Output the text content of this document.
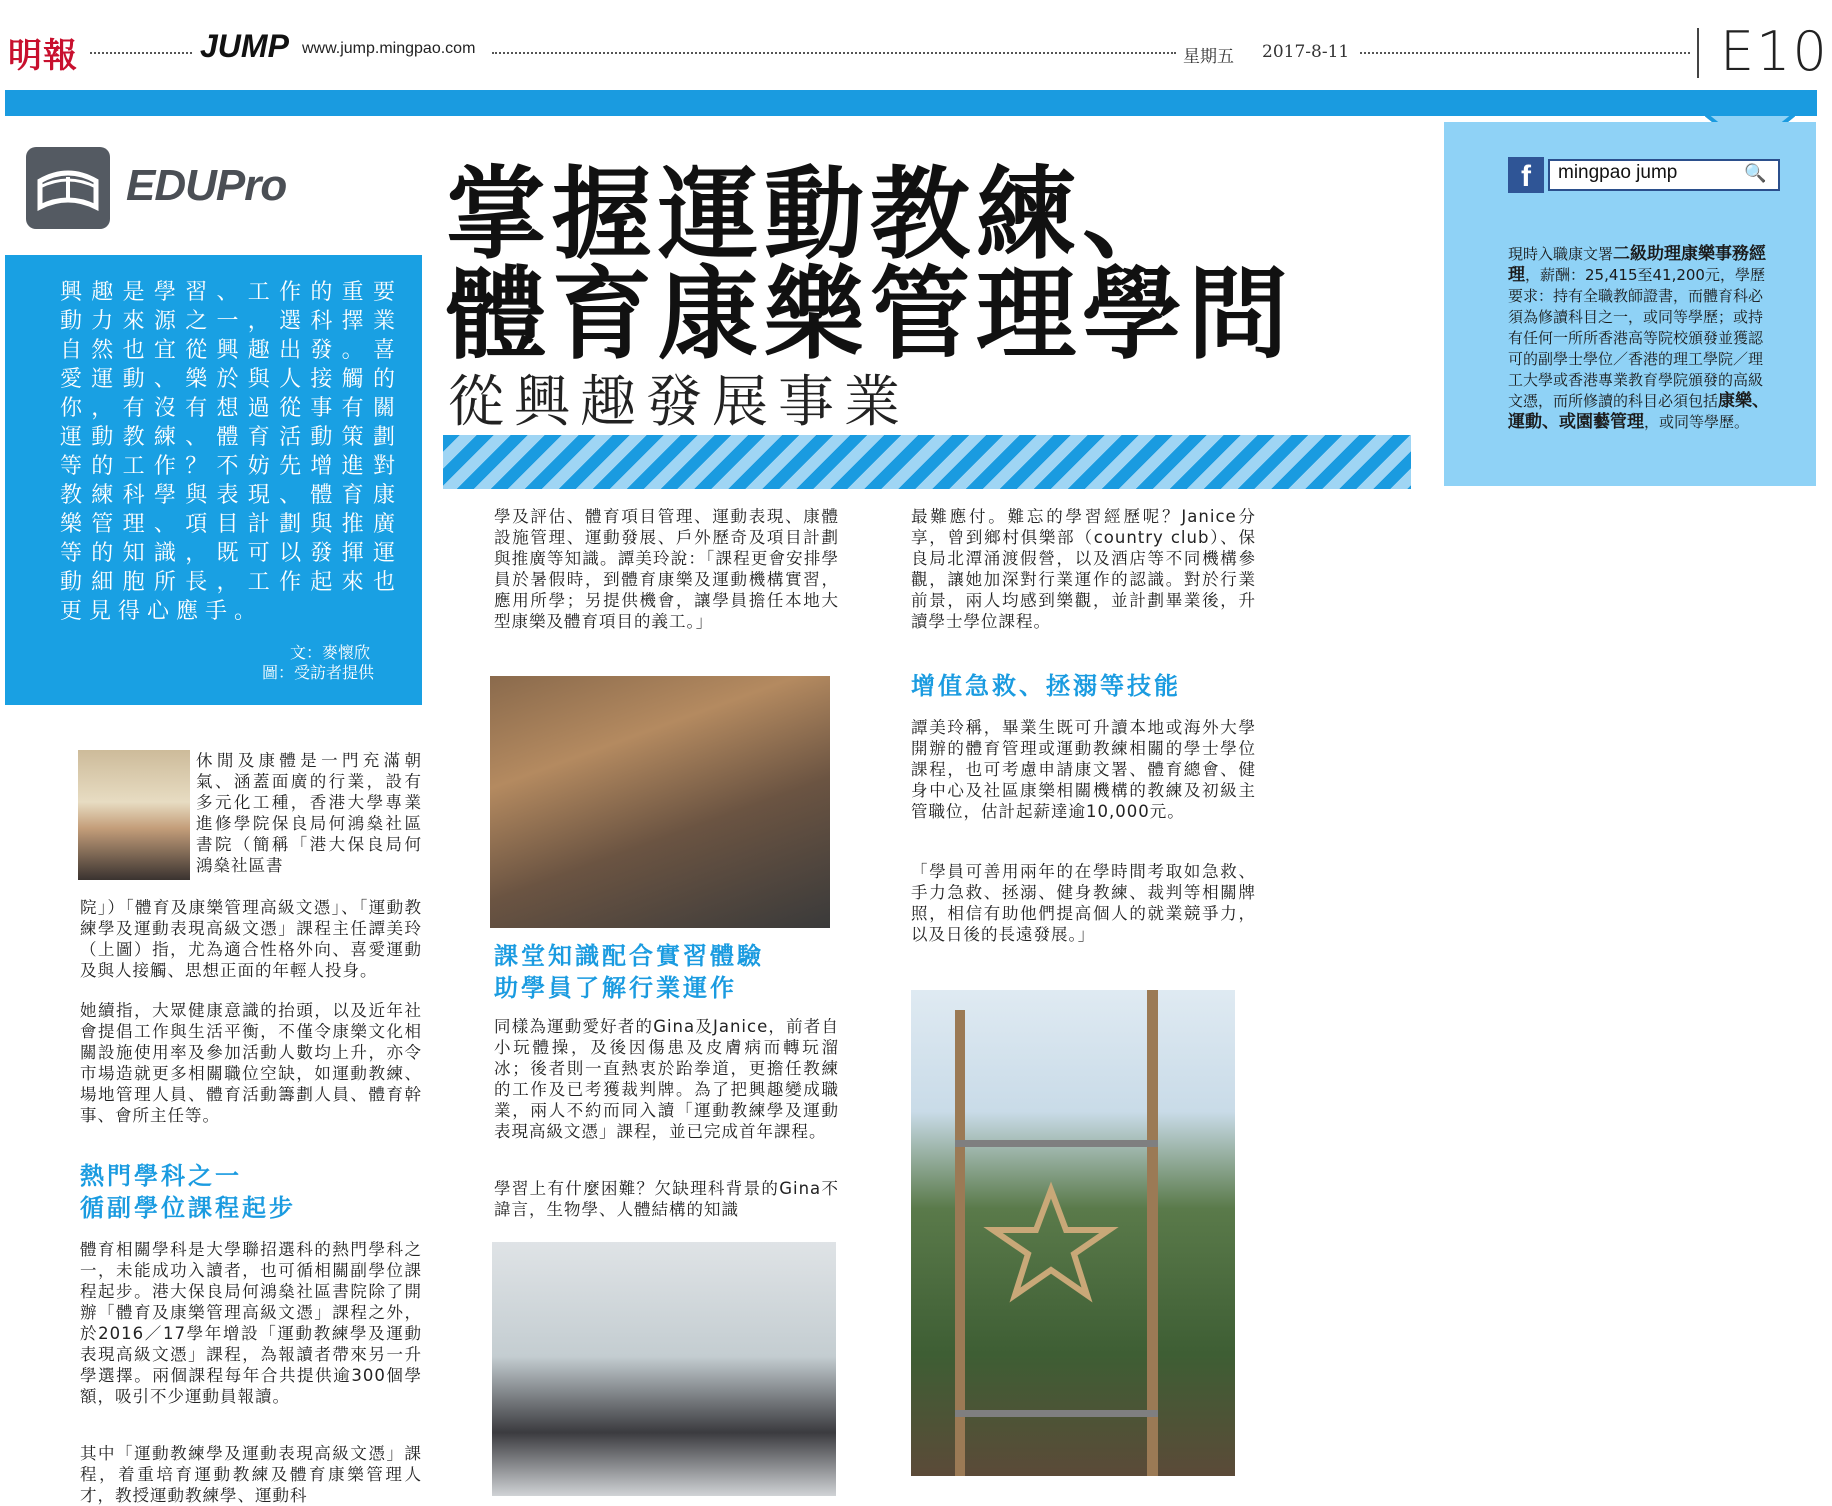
明報	JUMP www.jump.mingpao.com	星期五 2017-8-11	E10
EDUPro 掌握運動教練、
體育康樂管理學問
從興趣發展事業
興趣是學習、工作的重要動力來源之一，選科擇業自然也宜從興趣出發。喜愛運動、樂於與人接觸的你，有沒有想過從事有關運動教練、體育活動策劃等的工作？不妨先增進對教練科學與表現、體育康樂管理、項目計劃與推廣等的知識，既可以發揮運動細胞所長，工作起來也更見得心應手。
文：麥懷欣
圖：受訪者提供
f	mingpao jump	🔍
現時入職康文署二級助理康樂事務經理，薪酬：25,415至41,200元，學歷要求：持有全職教師證書，而體育科必須為修讀科目之一，或同等學歷；或持有任何一所所香港高等院校頒發並獲認可的副學士學位／香港的理工學院／理工大學或香港專業教育學院頒發的高級文憑，而所修讀的科目必須包括康樂、運動、或園藝管理，或同等學歷。
休閒及康體是一門充滿朝氣、涵蓋面廣的行業，設有多元化工種，香港大學專業進修學院保良局何鴻燊社區書院（簡稱「港大保良局何鴻燊社區書
院」）「體育及康樂管理高級文憑」、「運動教練學及運動表現高級文憑」課程主任譚美玲（上圖）指，尤為適合性格外向、喜愛運動及與人接觸、思想正面的年輕人投身。
她續指，大眾健康意識的抬頭，以及近年社會提倡工作與生活平衡，不僅令康樂文化相關設施使用率及參加活動人數均上升，亦令市場造就更多相關職位空缺，如運動教練、場地管理人員、體育活動籌劃人員、體育幹事、會所主任等。
熱門學科之一
循副學位課程起步
體育相關學科是大學聯招選科的熱門學科之一，未能成功入讀者，也可循相關副學位課程起步。港大保良局何鴻燊社區書院除了開辦「體育及康樂管理高級文憑」課程之外，於2016／17學年增設「運動教練學及運動表現高級文憑」課程，為報讀者帶來另一升學選擇。兩個課程每年合共提供逾300個學額，吸引不少運動員報讀。
其中「運動教練學及運動表現高級文憑」課程，着重培育運動教練及體育康樂管理人才，教授運動教練學、運動科
學及評估、體育項目管理、運動表現、康體設施管理、運動發展、戶外歷奇及項目計劃與推廣等知識。譚美玲說：「課程更會安排學員於暑假時，到體育康樂及運動機構實習，應用所學；另提供機會，讓學員擔任本地大型康樂及體育項目的義工。」
課堂知識配合實習體驗
助學員了解行業運作
同樣為運動愛好者的Gina及Janice，前者自小玩體操，及後因傷患及皮膚病而轉玩溜冰；後者則一直熱衷於跆拳道，更擔任教練的工作及已考獲裁判牌。為了把興趣變成職業，兩人不約而同入讀「運動教練學及運動表現高級文憑」課程，並已完成首年課程。
學習上有什麼困難？欠缺理科背景的Gina不諱言，生物學、人體結構的知識
最難應付。難忘的學習經歷呢？Janice分享，曾到鄉村俱樂部（country club）、保良局北潭涌渡假營，以及酒店等不同機構參觀，讓她加深對行業運作的認識。對於行業前景，兩人均感到樂觀，並計劃畢業後，升讀學士學位課程。
增值急救、拯溺等技能
譚美玲稱，畢業生既可升讀本地或海外大學開辦的體育管理或運動教練相關的學士學位課程，也可考慮申請康文署、體育總會、健身中心及社區康樂相關機構的教練及初級主管職位，估計起薪達逾10,000元。
「學員可善用兩年的在學時間考取如急救、手力急救、拯溺、健身教練、裁判等相關牌照，相信有助他們提高個人的就業競爭力，以及日後的長遠發展。」
